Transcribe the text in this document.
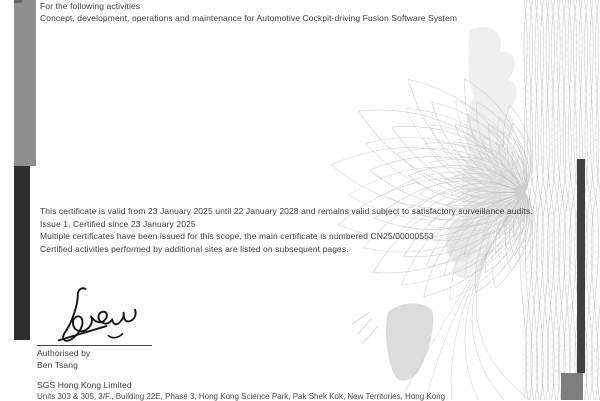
For the following activities

Concept, development, operations and maintenance for Automotive Cockpit-driving Fusion Software System

This certificate is valid from 23 January 2025 until 22 January 2028 and remains valid subject to satisfactory surveillance audits.

Issue 1. Certified since 23 January 2025

Multiple certificates have been issued for this scope, the main certificate is numbered CN25/00000553

Certified activities performed by additional sites are listed on subsequent pages.

Authorised by

Ben Tsang

SGS Hong Kong Limited

Units 303 & 305, 3/F., Building 22E, Phase 3, Hong Kong Science Park, Pak Shek Kok, New Territories, Hong Kong
